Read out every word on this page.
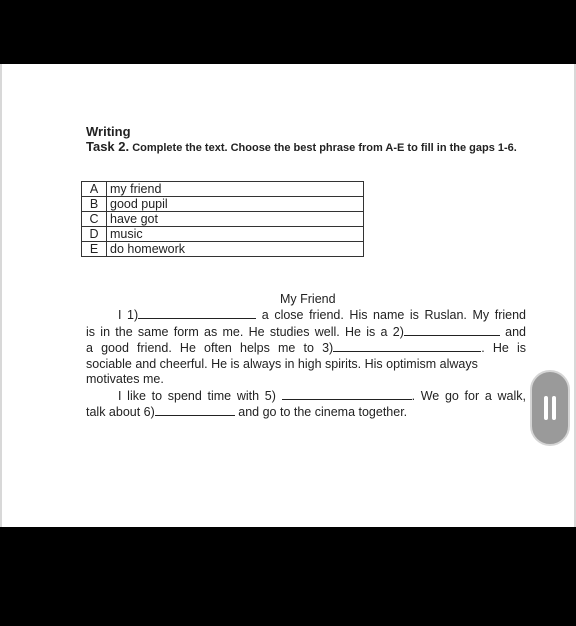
Writing
Task 2. Complete the text. Choose the best phrase from A-E to fill in the gaps 1-6.
A	my friend
B	good pupil
C	have got
D	music
E	do homework
My Friend

I 1)	a close friend. His name is Ruslan. My friend

is in the same form as me. He studies well. He is a 2)	and

a good friend. He often helps me to 3)	. He is

sociable and cheerful. He is always in high spirits. His optimism always

motivates me.

I like to spend time with 5)	. We go for a walk,

talk about 6)	and go to the cinema together.
